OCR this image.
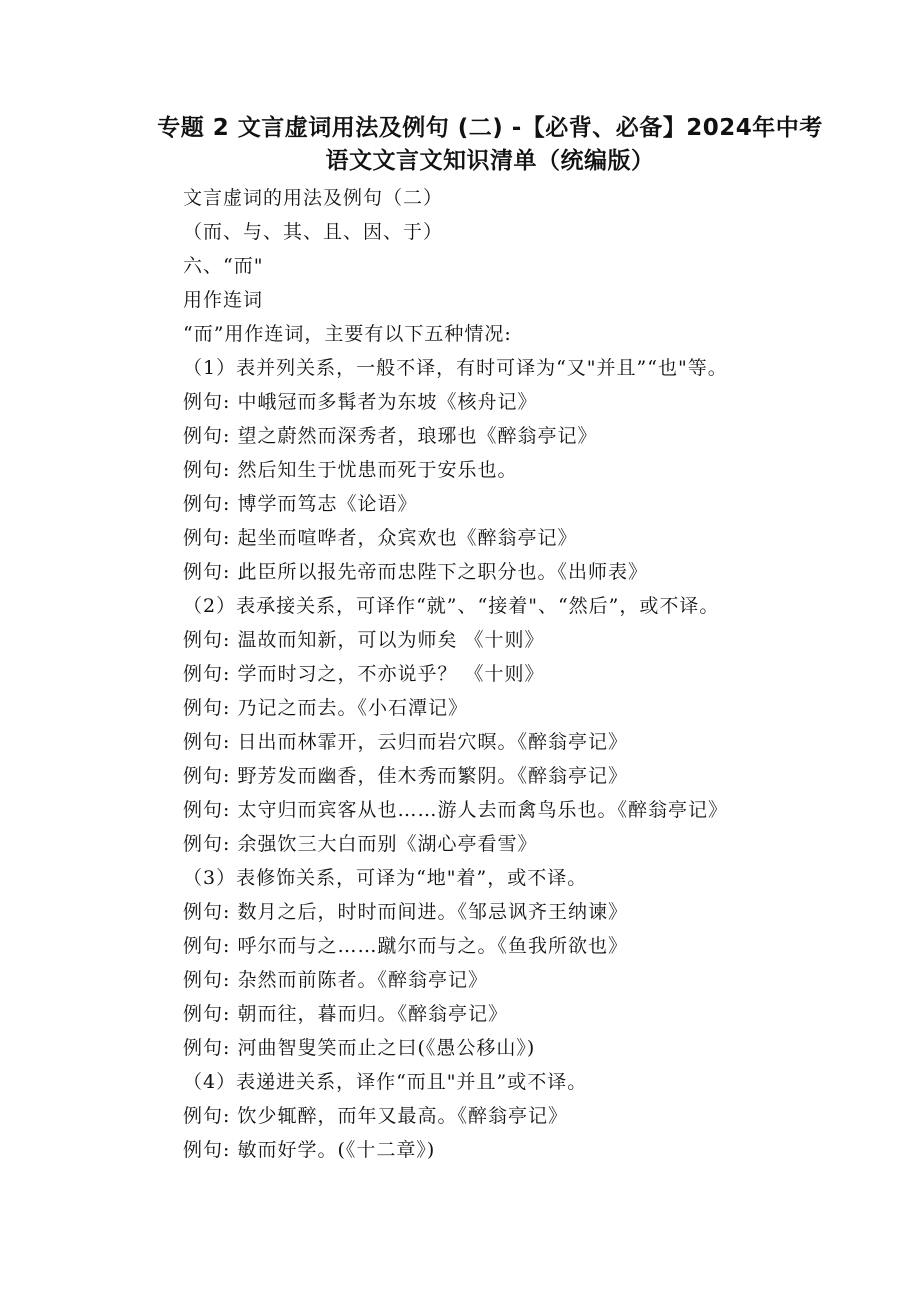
专题 2 文言虚词用法及例句 (二) -【必背、必备】2024年中考语文文言文知识清单（统编版）
文言虚词的用法及例句（二）
（而、与、其、且、因、于）
六、“而"
用作连词
“而”用作连词，主要有以下五种情况:
（1）表并列关系，一般不译，有时可译为“又"并且”“也"等。
例句: 中峨冠而多髯者为东坡《核舟记》
例句: 望之蔚然而深秀者，琅琊也《醉翁亭记》
例句: 然后知生于忧患而死于安乐也。
例句: 博学而笃志《论语》
例句: 起坐而喧哗者，众宾欢也《醉翁亭记》
例句: 此臣所以报先帝而忠陛下之职分也。《出师表》
（2）表承接关系，可译作“就”、“接着"、“然后”，或不译。
例句: 温故而知新，可以为师矣 《十则》
例句: 学而时习之，不亦说乎？ 《十则》
例句: 乃记之而去。《小石潭记》
例句: 日出而林霏开，云归而岩穴暝。《醉翁亭记》
例句: 野芳发而幽香，佳木秀而繁阴。《醉翁亭记》
例句: 太守归而宾客从也……游人去而禽鸟乐也。《醉翁亭记》
例句: 余强饮三大白而别《湖心亭看雪》
（3）表修饰关系，可译为“地"着”，或不译。
例句: 数月之后，时时而间进。《邹忌讽齐王纳谏》
例句: 呼尔而与之……蹴尔而与之。《鱼我所欲也》
例句: 杂然而前陈者。《醉翁亭记》
例句: 朝而往，暮而归。《醉翁亭记》
例句: 河曲智叟笑而止之曰(《愚公移山》)
（4）表递进关系，译作“而且"并且”或不译。
例句: 饮少辄醉，而年又最高。《醉翁亭记》
例句: 敏而好学。(《十二章》)
